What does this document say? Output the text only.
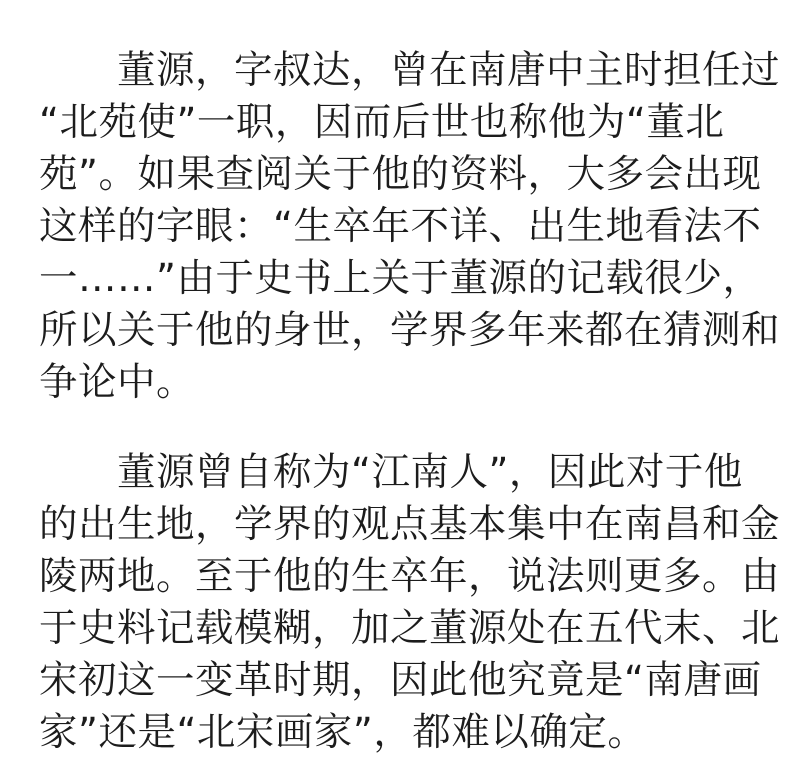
董源，字叔达，曾在南唐中主时担任过
“北苑使”一职，因而后世也称他为“董北
苑”。如果查阅关于他的资料，大多会出现
这样的字眼：“生卒年不详、出生地看法不
一……”由于史书上关于董源的记载很少，
所以关于他的身世，学界多年来都在猜测和
争论中。
董源曾自称为“江南人”，因此对于他
的出生地，学界的观点基本集中在南昌和金
陵两地。至于他的生卒年，说法则更多。由
于史料记载模糊，加之董源处在五代末、北
宋初这一变革时期，因此他究竟是“南唐画
家”还是“北宋画家”，都难以确定。
